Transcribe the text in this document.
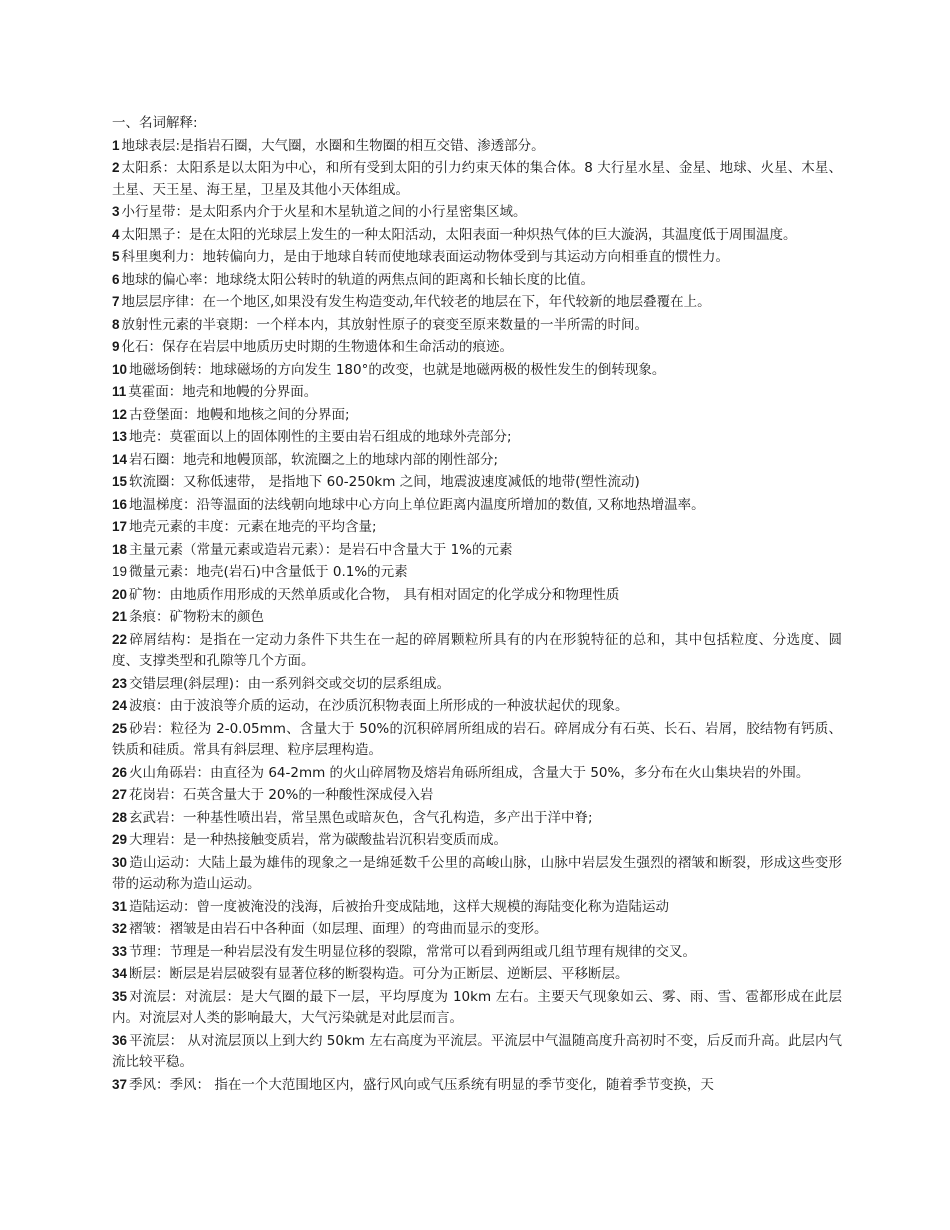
一、名词解释:

1 地球表层:是指岩石圈，大气圈，水圈和生物圈的相互交错、渗透部分。

2 太阳系：太阳系是以太阳为中心，和所有受到太阳的引力约束天体的集合体。8 大行星水星、金星、地球、火星、木星、土星、天王星、海王星，卫星及其他小天体组成。

3 小行星带：是太阳系内介于火星和木星轨道之间的小行星密集区域。

4 太阳黑子：是在太阳的光球层上发生的一种太阳活动，太阳表面一种炽热气体的巨大漩涡，其温度低于周围温度。

5 科里奥利力：地转偏向力，是由于地球自转而使地球表面运动物体受到与其运动方向相垂直的惯性力。

6 地球的偏心率：地球绕太阳公转时的轨道的两焦点间的距离和长轴长度的比值。

7 地层层序律：在一个地区,如果没有发生构造变动,年代较老的地层在下，年代较新的地层叠覆在上。

8 放射性元素的半衰期：一个样本内，其放射性原子的衰变至原来数量的一半所需的时间。

9 化石：保存在岩层中地质历史时期的生物遗体和生命活动的痕迹。

10 地磁场倒转：地球磁场的方向发生 180°的改变，也就是地磁两极的极性发生的倒转现象。

11 莫霍面：地壳和地幔的分界面。

12 古登堡面：地幔和地核之间的分界面;

13 地壳：莫霍面以上的固体刚性的主要由岩石组成的地球外壳部分;

14 岩石圈：地壳和地幔顶部，软流圈之上的地球内部的刚性部分;

15 软流圈：又称低速带， 是指地下 60-250km 之间，地震波速度减低的地带(塑性流动)

16 地温梯度：沿等温面的法线朝向地球中心方向上单位距离内温度所增加的数值, 又称地热增温率。

17 地壳元素的丰度：元素在地壳的平均含量;

18 主量元素（常量元素或造岩元素）：是岩石中含量大于 1%的元素

19 微量元素：地壳(岩石)中含量低于 0.1%的元素

20 矿物：由地质作用形成的天然单质或化合物， 具有相对固定的化学成分和物理性质

21 条痕：矿物粉末的颜色

22 碎屑结构：是指在一定动力条件下共生在一起的碎屑颗粒所具有的内在形貌特征的总和，其中包括粒度、分选度、圆度、支撑类型和孔隙等几个方面。

23 交错层理(斜层理)：由一系列斜交或交切的层系组成。

24 波痕：由于波浪等介质的运动，在沙质沉积物表面上所形成的一种波状起伏的现象。

25 砂岩：粒径为 2-0.05mm、含量大于 50%的沉积碎屑所组成的岩石。碎屑成分有石英、长石、岩屑，胶结物有钙质、铁质和硅质。常具有斜层理、粒序层理构造。

26 火山角砾岩：由直径为 64-2mm 的火山碎屑物及熔岩角砾所组成，含量大于 50%，多分布在火山集块岩的外围。

27 花岗岩：石英含量大于 20%的一种酸性深成侵入岩

28 玄武岩：一种基性喷出岩，常呈黑色或暗灰色，含气孔构造，多产出于洋中脊;

29 大理岩：是一种热接触变质岩，常为碳酸盐岩沉积岩变质而成。

30 造山运动：大陆上最为雄伟的现象之一是绵延数千公里的高峻山脉，山脉中岩层发生强烈的褶皱和断裂，形成这些变形带的运动称为造山运动。

31 造陆运动：曾一度被淹没的浅海，后被抬升变成陆地，这样大规模的海陆变化称为造陆运动

32 褶皱：褶皱是由岩石中各种面（如层理、面理）的弯曲而显示的变形。

33 节理：节理是一种岩层没有发生明显位移的裂隙，常常可以看到两组或几组节理有规律的交叉。

34 断层：断层是岩层破裂有显著位移的断裂构造。可分为正断层、逆断层、平移断层。

35 对流层：对流层：是大气圈的最下一层，平均厚度为 10km 左右。主要天气现象如云、雾、雨、雪、雹都形成在此层内。对流层对人类的影响最大，大气污染就是对此层而言。

36 平流层： 从对流层顶以上到大约 50km 左右高度为平流层。平流层中气温随高度升高初时不变，后反而升高。此层内气流比较平稳。

37 季风：季风： 指在一个大范围地区内，盛行风向或气压系统有明显的季节变化，随着季节变换，天
